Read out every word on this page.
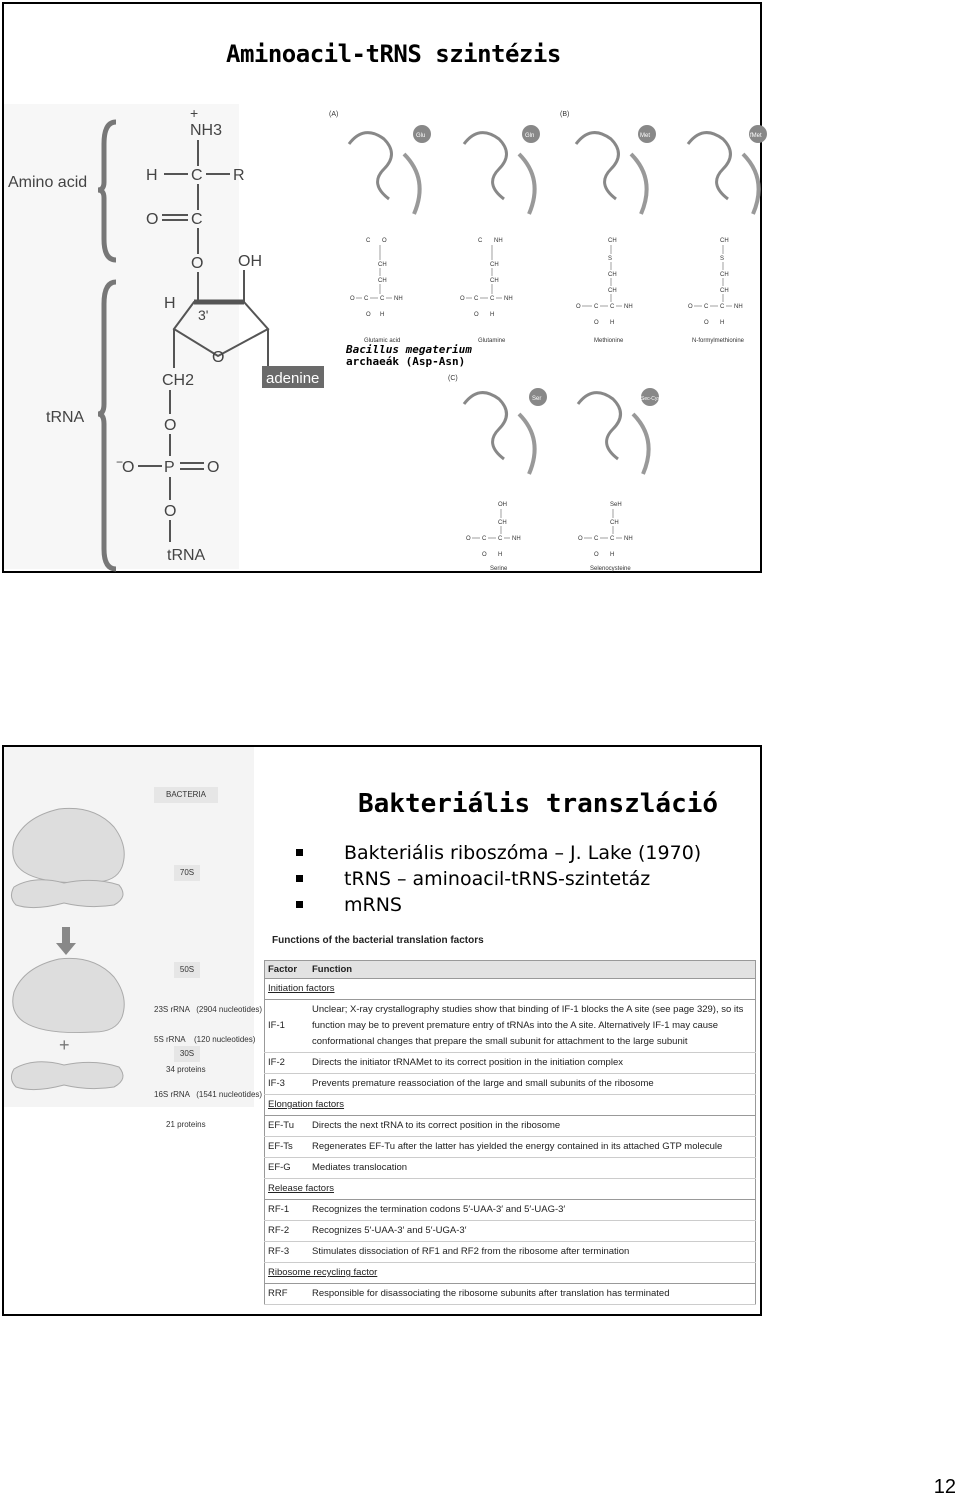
Aminoacil-tRNS szintézis
Amino acid
tRNA
+
NH3
H C R
O C
O OH
H
3'
O
adenine
CH2
O
−
O P O
O
tRNA
(A)	(B)
(C)
Glu	Gln	Met	fMet
C O	C NH	CH	CH
CH	CH
S	S
CH	CH
CH	CH
CH	CH
O C C NH	O C C NH
O C C NH	O C C NH
O H	O H
O H	O H
Glutamic acid	Glutamine	Methionine	N-formylmethionine
Ser	Sec-Cys
OH	SeH
CH	CH
O C C NH	O C C NH
O H	O H
Serine	Selenocysteine
Bacillus megaterium
archaeák (Asp-Asn)
Bakteriális transzláció
+
BACTERIA
70S
50S

23S rRNA   (2904 nucleotides)

5S rRNA    (120 nucleotides)

34 proteins

30S

16S rRNA   (1541 nucleotides)

21 proteins

Bakteriális riboszóma – J. Lake (1970)
tRNS – aminoacil-tRNS-szintetáz
mRNS
Functions of the bacterial translation factors
Factor	Function
Initiation factors	
IF-1	Unclear; X-ray crystallography studies show that binding of IF-1 blocks the A site (see page 329), so its function may be to prevent premature entry of tRNAs into the A site. Alternatively IF-1 may cause conformational changes that prepare the small subunit for attachment to the large subunit
IF-2	Directs the initiator tRNAMet to its correct position in the initiation complex
IF-3	Prevents premature reassociation of the large and small subunits of the ribosome
Elongation factors	
EF-Tu	Directs the next tRNA to its correct position in the ribosome
EF-Ts	Regenerates EF-Tu after the latter has yielded the energy contained in its attached GTP molecule
EF-G	Mediates translocation
Release factors	
RF-1	Recognizes the termination codons 5′-UAA-3′ and 5′-UAG-3′
RF-2	Recognizes 5′-UAA-3′ and 5′-UGA-3′
RF-3	Stimulates dissociation of RF1 and RF2 from the ribosome after termination
Ribosome recycling factor	
RRF	Responsible for disassociating the ribosome subunits after translation has terminated
12
